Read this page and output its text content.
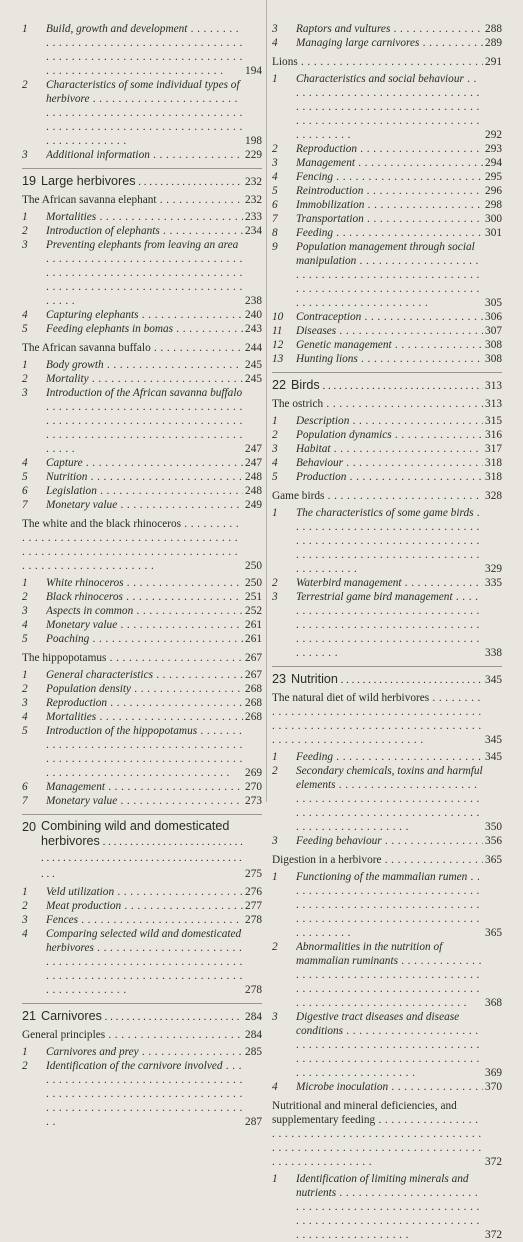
1	Build, growth and development . . .
194
2	Characteristics of some individual types of herbivore . . .
198
3	Additional information . . .	229
19 Large herbivores . . .	232
The African savanna elephant . . .	232
1	Mortalities . . .	233
2	Introduction of elephants . . .	234
3	Preventing elephants from leaving an area . . .
238
4	Capturing elephants . . .	240
5	Feeding elephants in bomas . . .	243
The African savanna buffalo . . .	244
1	Body growth . . .	245
2	Mortality . . .	245
3	Introduction of the African savanna buffalo . . .
247
4	Capture . . .	247
5	Nutrition . . .	248
6	Legislation . . .	248
7	Monetary value . . .	249
The white and the black rhinoceros . . .
250
1	White rhinoceros . . .	250
2	Black rhinoceros . . .	251
3	Aspects in common . . .	252
4	Monetary value . . .	261
5	Poaching . . .	261
The hippopotamus . . .	267
1	General characteristics . . .	267
2	Population density . . .	268
3	Reproduction . . .	268
4	Mortalities . . .	268
5	Introduction of the hippopotamus . . .
269
6	Management . . .	270
7	Monetary value . . .	273
20 Combining wild and domesticated herbivores . . .
275
1	Veld utilization . . .	276
2	Meat production . . .	277
3	Fences . . .	278
4	Comparing selected wild and domesticated herbivores . . .
278
21 Carnivores . . .	284
General principles . . .	284
1	Carnivores and prey . . .	285
2	Identification of the carnivore involved . . .
287
3	Raptors and vultures . . .	288
4	Managing large carnivores . . .	289
Lions . . .	291
1	Characteristics and social behaviour . . .
292
2	Reproduction . . .	293
3	Management . . .	294
4	Fencing . . .	295
5	Reintroduction . . .	296
6	Immobilization . . .	298
7	Transportation . . .	300
8	Feeding . . .	301
9	Population management through social manipulation . . .
305
10	Contraception . . .	306
11	Diseases . . .	307
12	Genetic management . . .	308
13	Hunting lions . . .	308
22 Birds . . .	313
The ostrich . . .	313
1	Description . . .	315
2	Population dynamics . . .	316
3	Habitat . . .	317
4	Behaviour . . .	318
5	Production . . .	318
Game birds . . .	328
1	The characteristics of some game birds . . .
329
2	Waterbird management . . .	335
3	Terrestrial game bird management . . .
338
23 Nutrition . . .	345
The natural diet of wild herbivores . . .
345
1	Feeding . . .	345
2	Secondary chemicals, toxins and harmful elements . . .
350
3	Feeding behaviour . . .	356
Digestion in a herbivore . . .	365
1	Functioning of the mammalian rumen . . .
365
2	Abnormalities in the nutrition of mammalian ruminants . . .
368
3	Digestive tract diseases and disease conditions . . .
369
4	Microbe inoculation . . .	370
Nutritional and mineral deficiencies, and supplementary feeding . . .
372
1	Identification of limiting minerals and nutrients . . .
372
